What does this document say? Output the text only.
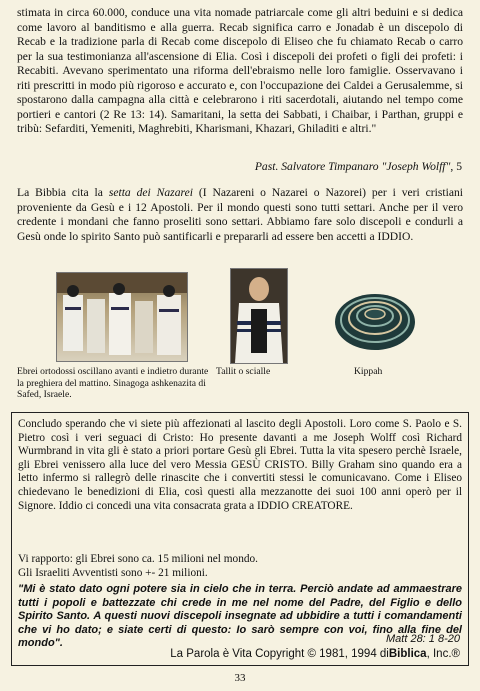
stimata in circa 60.000, conduce una vita nomade patriarcale come gli altri beduini e si dedica come lavoro al banditismo e alla guerra. Recab significa carro e Jonadab è un discepolo di Recab e la tradizione parla di Recab come discepolo di Eliseo che fu chiamato Recab o carro per la sua testimonianza all'ascensione di Elia. Così i discepoli dei profeti o figli dei profeti: i Recabiti. Avevano sperimentato una riforma dell'ebraismo nelle loro famiglie. Osservavano i riti prescritti in modo più rigoroso e accurato e, con l'occupazione dei Caldei a Gerusalemme, si spostarono dalla campagna alla città e celebrarono i riti sacerdotali, aiutando nel tempo come portieri e cantori (2 Re 13: 14). Samaritani, la setta dei Sabbati, i Chaibar, i Parthan, gruppi e tribù: Sefarditi, Yemeniti, Maghrebiti, Kharismani, Khazari, Ghiladiti e altri."

Past. Salvatore Timpanaro "Joseph Wolff", 5

La Bibbia cita la setta dei Nazarei (I Nazareni o Nazarei o Nazorei) per i veri cristiani proveniente da Gesù e i 12 Apostoli. Per il mondo questi sono tutti settari. Anche per il vero credente i mondani che fanno proseliti sono settari. Abbiamo fare solo discepoli e condurli a Gesù onde lo spirito Santo può santificarli e prepararli ad essere ben accetti a IDDIO.

Ebrei ortodossi oscillano avanti e indietro durante la preghiera del mattino. Sinagoga ashkenazita di Safed, Israele.

Tallit o scialle	Kippah

Concludo sperando che vi siete più affezionati al lascito degli Apostoli. Loro come S. Paolo e S. Pietro così i veri seguaci di Cristo: Ho presente davanti a me Joseph Wolff così Richard Wurmbrand in vita gli è stato a priori portare Gesù gli Ebrei. Tutta la vita spesero perchè Israele, gli Ebrei venissero alla luce del vero Messia GESÙ CRISTO. Billy Graham sino quando era a letto infermo si rallegrò delle rinascite che i convertiti stessi le comunicavano. Come i Eliseo chiedevano le benedizioni di Elia, così questi alla mezzanotte dei suoi 100 anni operò per il Signore. Iddio ci concedi una vita consacrata grata a IDDIO CREATORE.

Vi rapporto: gli Ebrei sono ca. 15 milioni nel mondo.

Gli Israeliti Avventisti sono +- 21 milioni.

"Mi è stato dato ogni potere sia in cielo che in terra. Perciò andate ad ammaestrare tutti i popoli e battezzate chi crede in me nel nome del Padre, del Figlio e dello Spirito Santo. A questi nuovi discepoli insegnate ad ubbidire a tutti i comandamenti che vi ho dato; e siate certi di questo: Io sarò sempre con voi, fino alla fine del mondo".	Matt 28: 1 8-20

La Parola è Vita Copyright © 1981, 1994 diBiblica, Inc.®

33
